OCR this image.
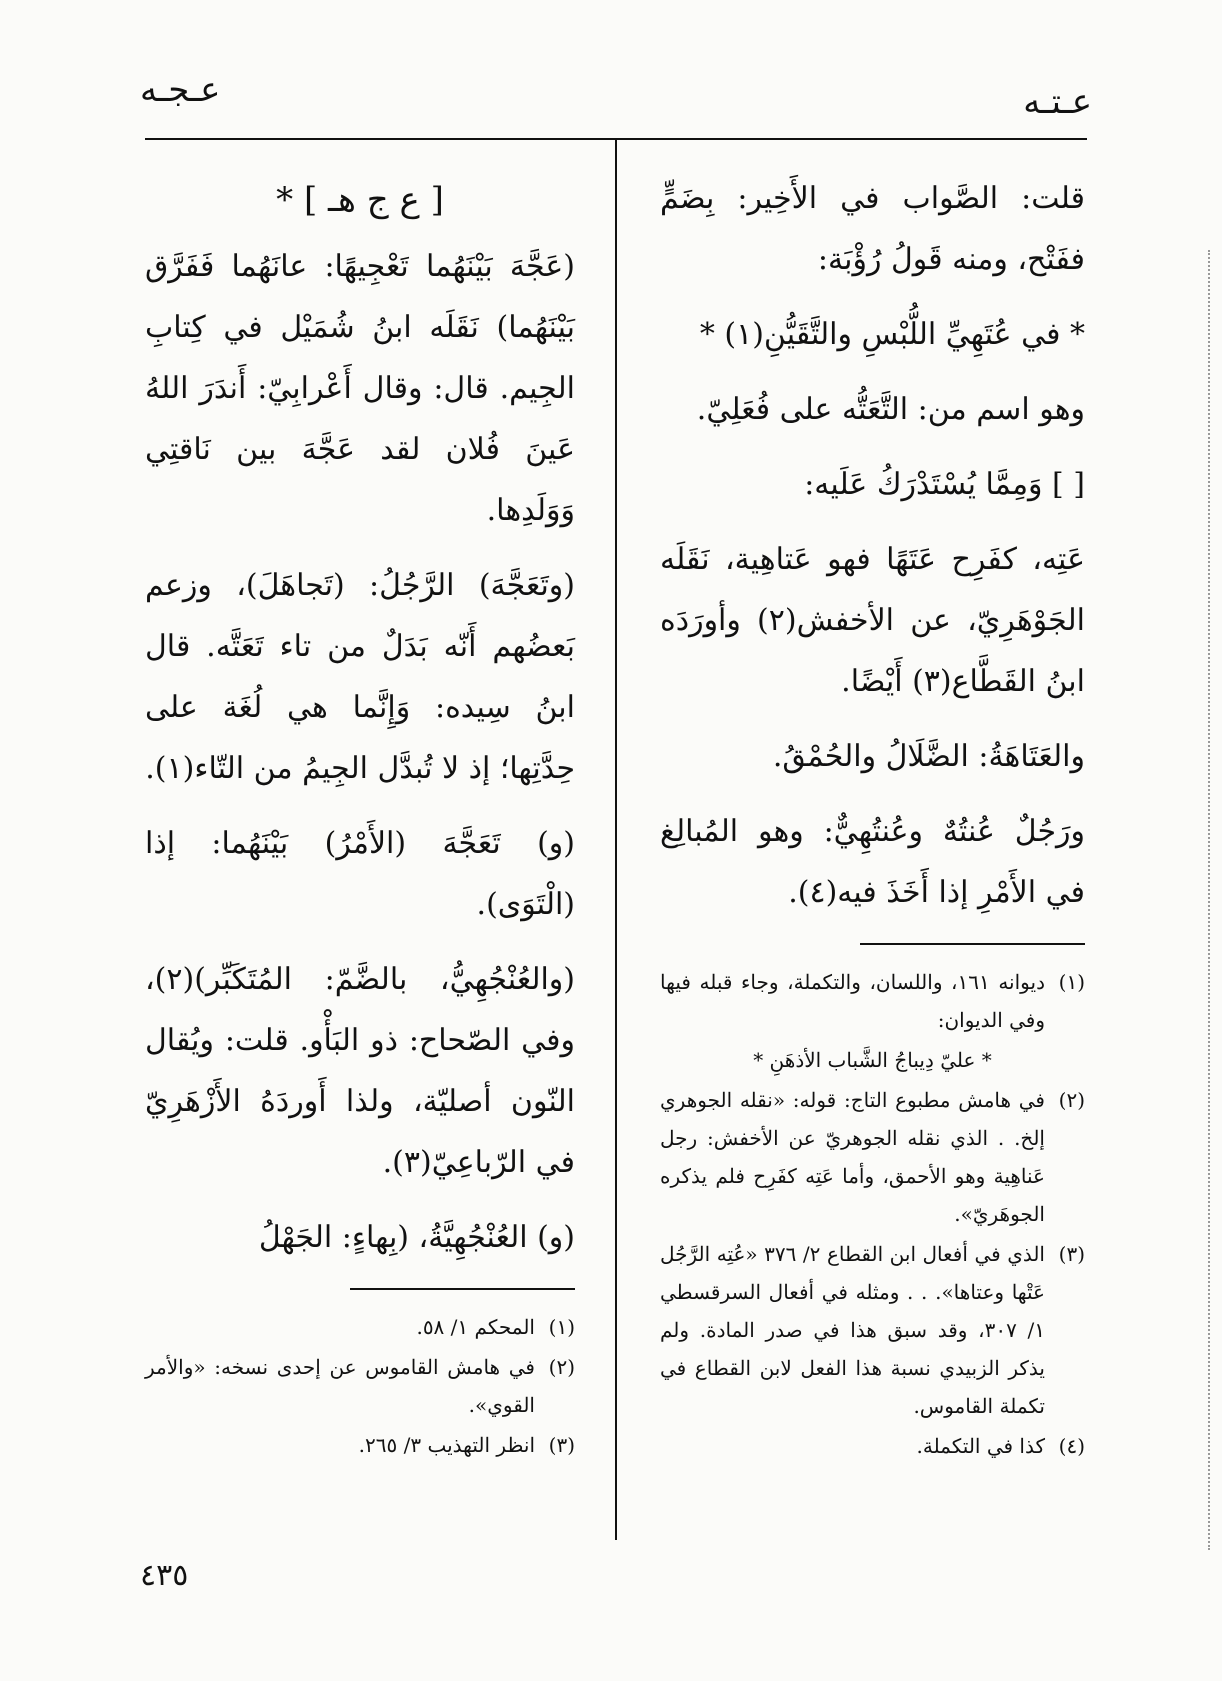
عـجـه	عـتـه

قلت: الصَّواب في الأَخِير: بِضَمٍّ ففَتْح، ومنه قَولُ رُؤْبَة:

* في عُتَهِيِّ اللُّبْسِ والتَّقَيُّنِ(١) *

وهو اسم من: التَّعَتُّه على فُعَلِيّ.

[ ] وَمِمَّا يُسْتَدْرَكُ عَلَيه:

عَتِه، كفَرِح عَتَهًا فهو عَتاهِية، نَقَلَه الجَوْهَرِيّ، عن الأخفش(٢) وأورَدَه ابنُ القَطَّاع(٣) أَيْضًا.

والعَتَاهَةُ: الضَّلَالُ والحُمْقُ.

ورَجُلٌ عُنتُهٌ وعُنتُهِيٌّ: وهو المُبالِغ في الأَمْرِ إذا أَخَذَ فيه(٤).

(١)
ديوانه ١٦١، واللسان، والتكملة، وجاء قبله فيها وفي الديوان:

* عليّ دِيباجُ الشَّباب الأذهَنِ *

(٢)
في هامش مطبوع التاج: قوله: «نقله الجوهري إلخ. . الذي نقله الجوهريّ عن الأخفش: رجل عَناهِية وهو الأحمق، وأما عَتِه كفَرِح فلم يذكره الجوهَريّ».

(٣)
الذي في أفعال ابن القطاع ٢/ ٣٧٦ «عُتِه الرَّجُل عَتْها وعتاها». . . ومثله في أفعال السرقسطي ١/ ٣٠٧، وقد سبق هذا في صدر المادة. ولم يذكر الزبيدي نسبة هذا الفعل لابن القطاع في تكملة القاموس.

(٤)
كذا في التكملة.

[ ع ج هـ ] *

(عَجَّهَ بَيْنَهُما تَعْجِيهًا: عانَهُما فَفَرَّق بَيْنَهُما) نَقَلَه ابنُ شُمَيْل في كِتابِ الجِيم. قال: وقال أَعْرابِيّ: أَندَرَ اللهُ عَينَ فُلان لقد عَجَّهَ بين نَاقتِي وَوَلَدِها.

(وتَعَجَّهَ) الرَّجُلُ: (تَجاهَلَ)، وزعم بَعضُهم أَنّه بَدَلٌ من تاء تَعَتَّه. قال ابنُ سِيده: وَإِنَّما هي لُغَة على حِدَّتِها؛ إذ لا تُبدَّل الجِيمُ من التّاء(١).

(و) تَعَجَّهَ (الأَمْرُ) بَيْنَهُما: إذا (الْتَوَى).

(والعُنْجُهِيُّ، بالضَّمّ: المُتَكَبِّر)(٢)، وفي الصّحاح: ذو البَأْو. قلت: ويُقال النّون أصليّة، ولذا أَوردَهُ الأَزْهَرِيّ في الرّباعِيّ(٣).

(و) العُنْجُهِيَّةُ، (بِهاءٍ: الجَهْلُ

(١)
المحكم ١/ ٥٨.

(٢)
في هامش القاموس عن إحدى نسخه: «والأمر القوي».

(٣)
انظر التهذيب ٣/ ٢٦٥.

٤٣٥
